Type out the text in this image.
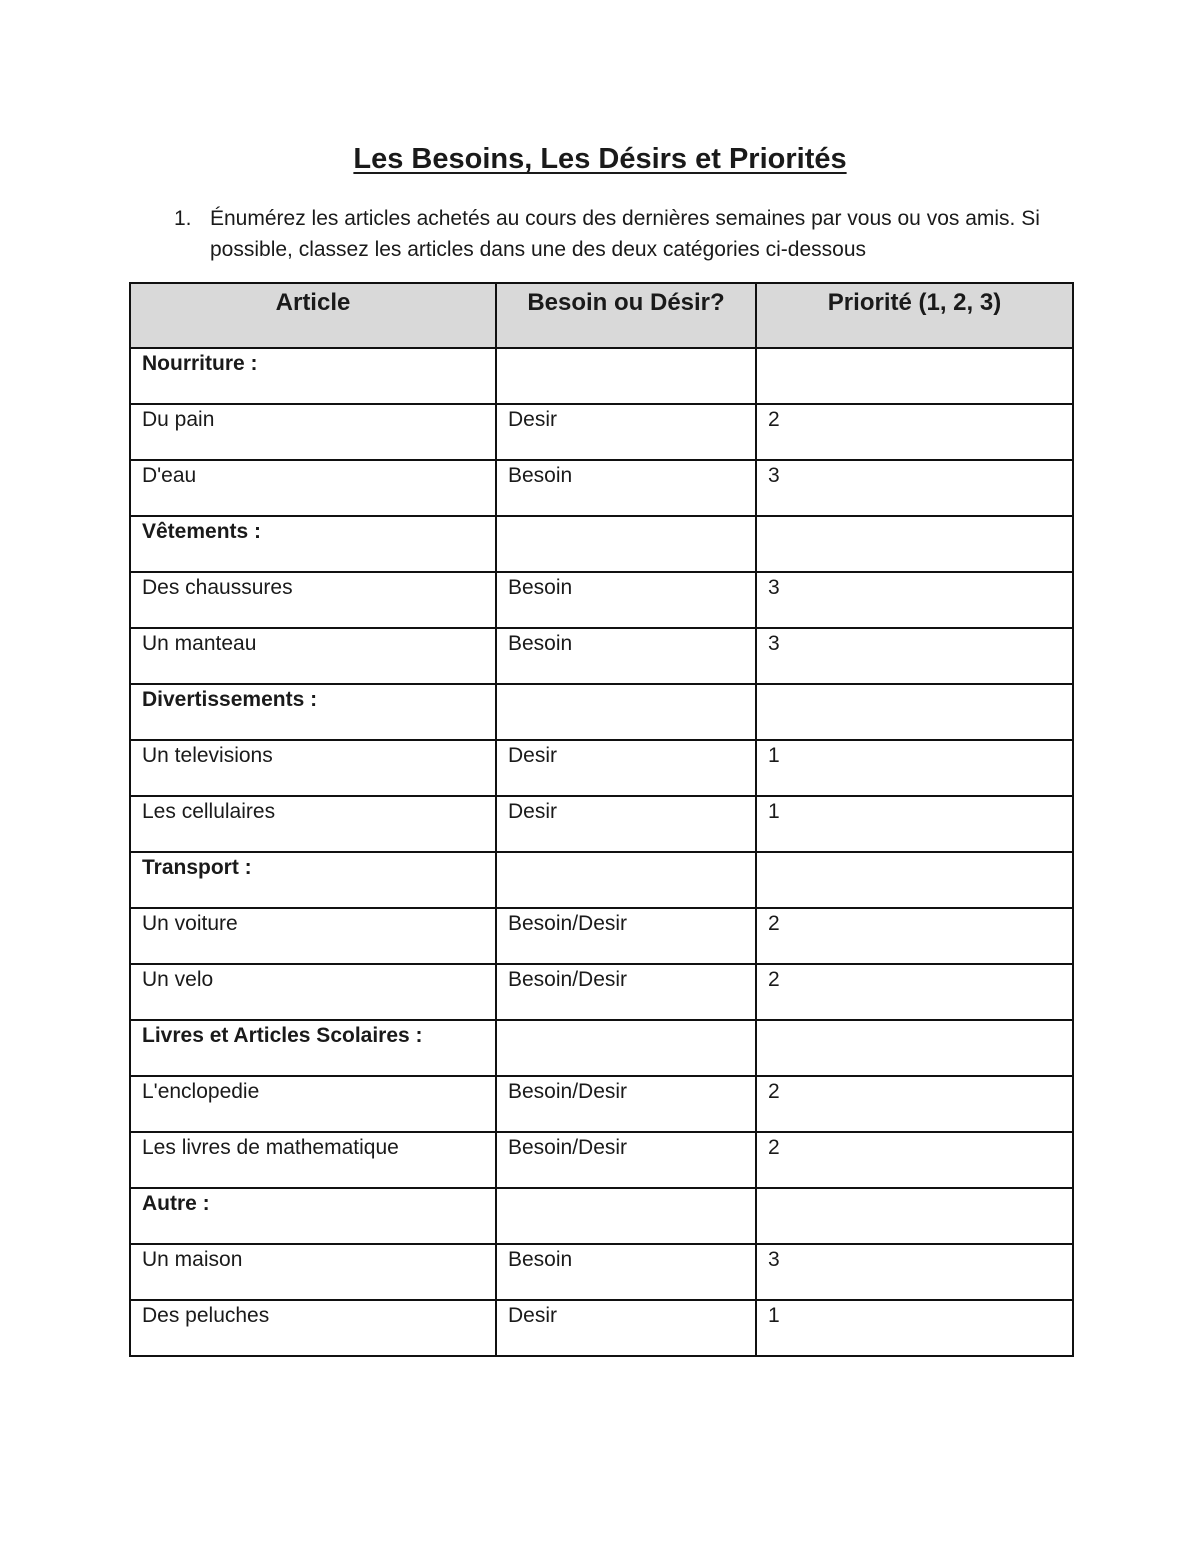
Les Besoins, Les Désirs et Priorités
1. Énumérez les articles achetés au cours des dernières semaines par vous ou vos amis. Si possible, classez les articles dans une des deux catégories ci-dessous
Article	Besoin ou Désir?	Priorité (1, 2, 3)
Nourriture :		
Du pain	Desir	2
D'eau	Besoin	3
Vêtements :		
Des chaussures	Besoin	3
Un manteau	Besoin	3
Divertissements :		
Un televisions	Desir	1
Les cellulaires	Desir	1
Transport :		
Un voiture	Besoin/Desir	2
Un velo	Besoin/Desir	2
Livres et Articles Scolaires :		
L'enclopedie	Besoin/Desir	2
Les livres de mathematique	Besoin/Desir	2
Autre :		
Un maison	Besoin	3
Des peluches	Desir	1
